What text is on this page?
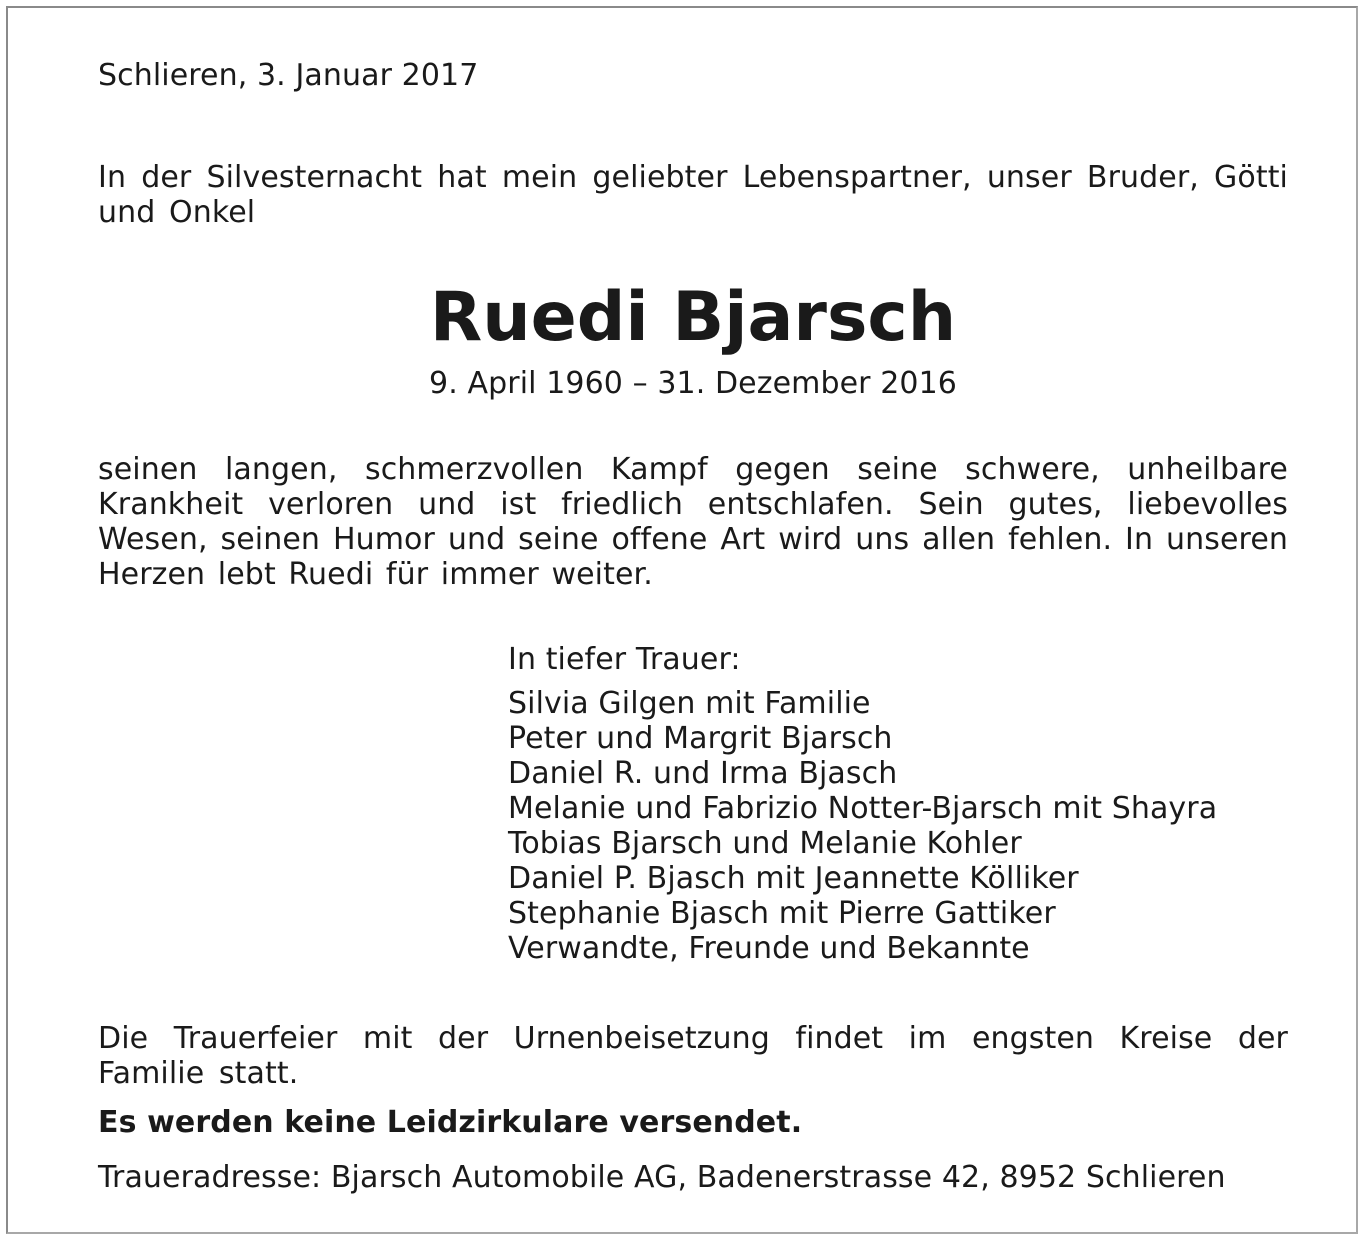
Schlieren, 3. Januar 2017
In der Silvesternacht hat mein geliebter Lebenspartner, unser Bruder, Götti und Onkel
Ruedi Bjarsch
9. April 1960 – 31. Dezember 2016
seinen langen, schmerzvollen Kampf gegen seine schwere, unheilbare Krankheit verloren und ist friedlich entschlafen. Sein gutes, liebevolles Wesen, seinen Humor und seine offene Art wird uns allen fehlen. In unseren Herzen lebt Ruedi für immer weiter.
In tiefer Trauer:
Silvia Gilgen mit Familie
Peter und Margrit Bjarsch
Daniel R. und Irma Bjasch
Melanie und Fabrizio Notter-Bjarsch mit Shayra
Tobias Bjarsch und Melanie Kohler
Daniel P. Bjasch mit Jeannette Kölliker
Stephanie Bjasch mit Pierre Gattiker
Verwandte, Freunde und Bekannte
Die Trauerfeier mit der Urnenbeisetzung findet im engsten Kreise der Familie statt.
Es werden keine Leidzirkulare versendet.
Traueradresse: Bjarsch Automobile AG, Badenerstrasse 42, 8952 Schlieren
